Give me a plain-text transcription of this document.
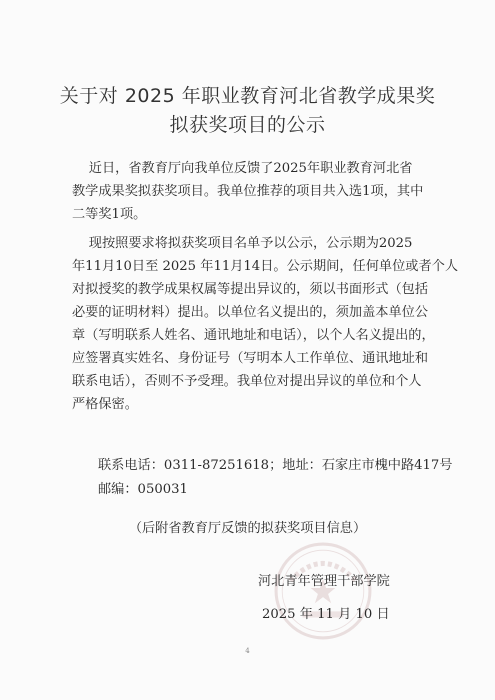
关于对 2025 年职业教育河北省教学成果奖
拟获奖项目的公示
近日，省教育厅向我单位反馈了2025年职业教育河北省
教学成果奖拟获奖项目。我单位推荐的项目共入选1项，其中
二等奖1项。
现按照要求将拟获奖项目名单予以公示，公示期为2025
年11月10日至 2025 年11月14日。公示期间，任何单位或者个人
对拟授奖的教学成果权属等提出异议的，须以书面形式（包括
必要的证明材料）提出。以单位名义提出的，须加盖本单位公
章（写明联系人姓名、通讯地址和电话），以个人名义提出的，
应签署真实姓名、身份证号（写明本人工作单位、通讯地址和
联系电话），否则不予受理。我单位对提出异议的单位和个人
严格保密。
联系电话：0311-87251618；地址：石家庄市槐中路417号
邮编：050031
（后附省教育厅反馈的拟获奖项目信息）
河北青年管理干部学院
2025 年 11 月 10 日
4
